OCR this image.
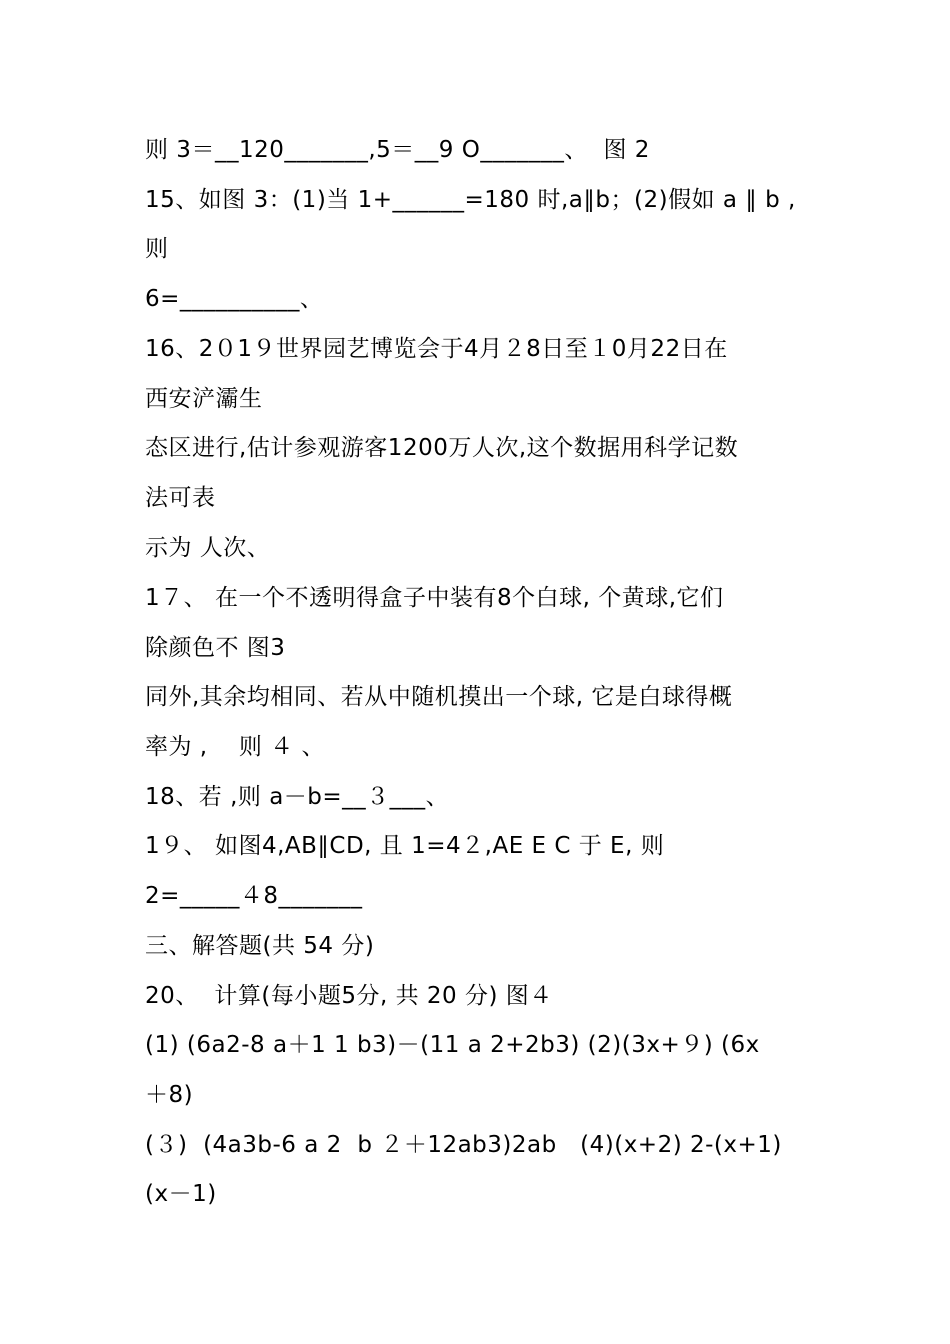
则 3＝__120_______,5＝__9 O_______、  图 2
15、如图 3：(1)当 1+______=180 时,a∥b；(2)假如 a ∥ b ,
则
6=__________、
16、2０1９世界园艺博览会于4月２8日至１0月22日在
西安浐灞生
态区进行,估计参观游客1200万人次,这个数据用科学记数
法可表
示为 人次、
1７、 在一个不透明得盒子中装有8个白球, 个黄球,它们
除颜色不 图3
同外,其余均相同、若从中随机摸出一个球, 它是白球得概
率为 ,    则 ４ 、
18、若 ,则 a－b=__３___、
1９、 如图4,AB∥CD, 且 1=4２,AE E C 于 E, 则
2=_____４8_______
三、解答题(共 54 分)
20、  计算(每小题5分, 共 20 分) 图４
(1) (6a2-8 a＋1 1 b3)－(11 a 2+2b3) (2)(3x+９) (6x
＋8)
(３)  (4a3b-6 a 2  b ２＋12ab3)2ab   (4)(x+2) 2-(x+1)
(x－1)
